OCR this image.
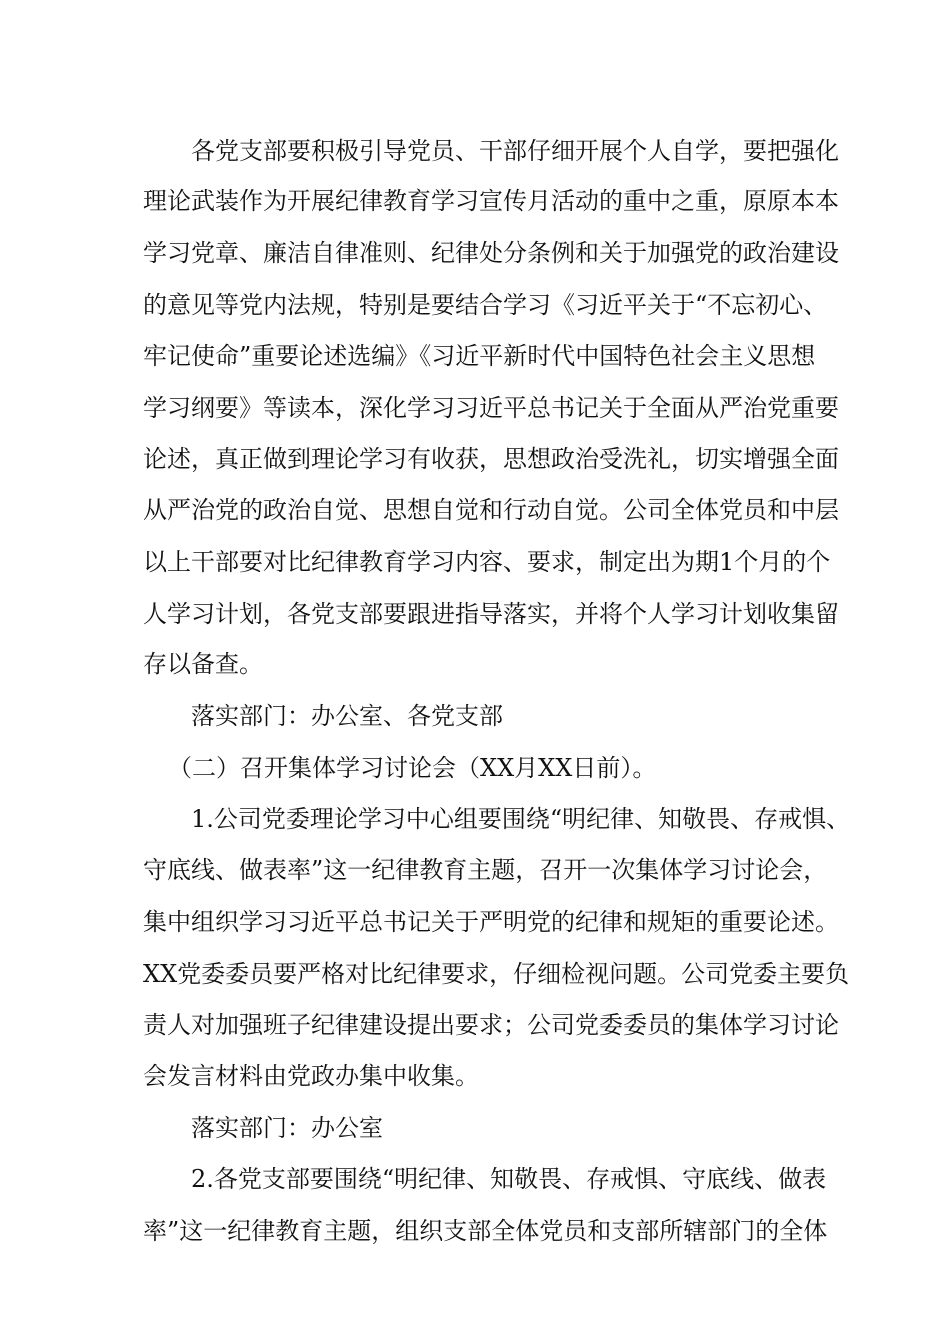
各党支部要积极引导党员、干部仔细开展个人自学，要把强化
理论武装作为开展纪律教育学习宣传月活动的重中之重，原原本本
学习党章、廉洁自律准则、纪律处分条例和关于加强党的政治建设
的意见等党内法规，特别是要结合学习《习近平关于“不忘初心、
牢记使命”重要论述选编》《习近平新时代中国特色社会主义思想
学习纲要》等读本，深化学习习近平总书记关于全面从严治党重要
论述，真正做到理论学习有收获，思想政治受洗礼，切实增强全面
从严治党的政治自觉、思想自觉和行动自觉。公司全体党员和中层
以上干部要对比纪律教育学习内容、要求，制定出为期1个月的个
人学习计划，各党支部要跟进指导落实，并将个人学习计划收集留
存以备查。
落实部门：办公室、各党支部
（二）召开集体学习讨论会（XX月XX日前）。
1.公司党委理论学习中心组要围绕“明纪律、知敬畏、存戒惧、
守底线、做表率”这一纪律教育主题，召开一次集体学习讨论会，
集中组织学习习近平总书记关于严明党的纪律和规矩的重要论述。
XX党委委员要严格对比纪律要求，仔细检视问题。公司党委主要负
责人对加强班子纪律建设提出要求；公司党委委员的集体学习讨论
会发言材料由党政办集中收集。
落实部门：办公室
2.各党支部要围绕“明纪律、知敬畏、存戒惧、守底线、做表
率”这一纪律教育主题，组织支部全体党员和支部所辖部门的全体
